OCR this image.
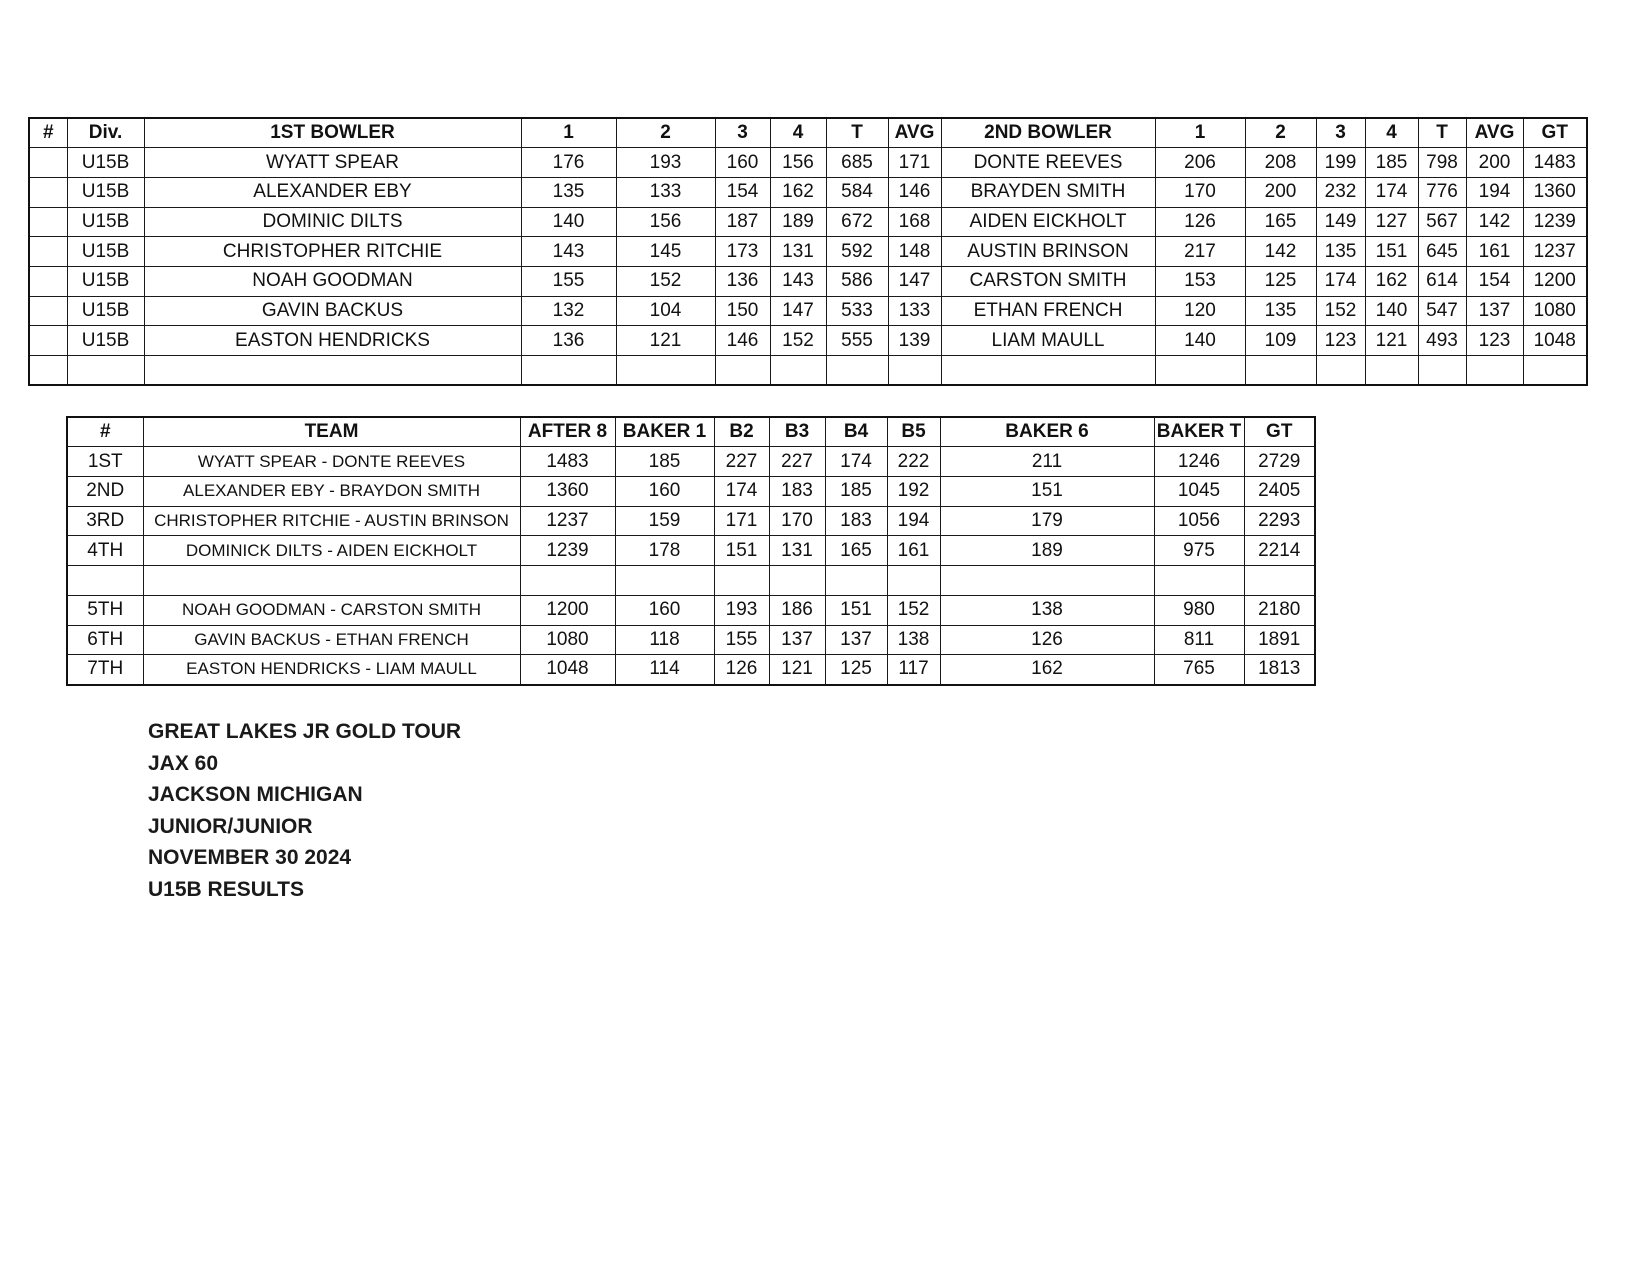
#	Div.	1ST BOWLER	1	2	3	4	T	AVG	2ND BOWLER	1	2	3	4	T	AVG	GT
	U15B	WYATT SPEAR	176	193	160	156	685	171	DONTE REEVES	206	208	199	185	798	200	1483
	U15B	ALEXANDER EBY	135	133	154	162	584	146	BRAYDEN SMITH	170	200	232	174	776	194	1360
	U15B	DOMINIC DILTS	140	156	187	189	672	168	AIDEN EICKHOLT	126	165	149	127	567	142	1239
	U15B	CHRISTOPHER RITCHIE	143	145	173	131	592	148	AUSTIN BRINSON	217	142	135	151	645	161	1237
	U15B	NOAH GOODMAN	155	152	136	143	586	147	CARSTON SMITH	153	125	174	162	614	154	1200
	U15B	GAVIN BACKUS	132	104	150	147	533	133	ETHAN FRENCH	120	135	152	140	547	137	1080
	U15B	EASTON HENDRICKS	136	121	146	152	555	139	LIAM MAULL	140	109	123	121	493	123	1048

#	TEAM	AFTER 8	BAKER 1	B2	B3	B4	B5	BAKER 6	BAKER T	GT
1ST	WYATT SPEAR - DONTE REEVES	1483	185	227	227	174	222	211	1246	2729
2ND	ALEXANDER EBY - BRAYDON SMITH	1360	160	174	183	185	192	151	1045	2405
3RD	CHRISTOPHER RITCHIE - AUSTIN BRINSON	1237	159	171	170	183	194	179	1056	2293
4TH	DOMINICK DILTS - AIDEN EICKHOLT	1239	178	151	131	165	161	189	975	2214

5TH	NOAH GOODMAN - CARSTON SMITH	1200	160	193	186	151	152	138	980	2180
6TH	GAVIN BACKUS - ETHAN FRENCH	1080	118	155	137	137	138	126	811	1891
7TH	EASTON HENDRICKS - LIAM MAULL	1048	114	126	121	125	117	162	765	1813
GREAT LAKES JR GOLD TOUR
JAX 60
JACKSON MICHIGAN
JUNIOR/JUNIOR
NOVEMBER 30 2024
U15B RESULTS
